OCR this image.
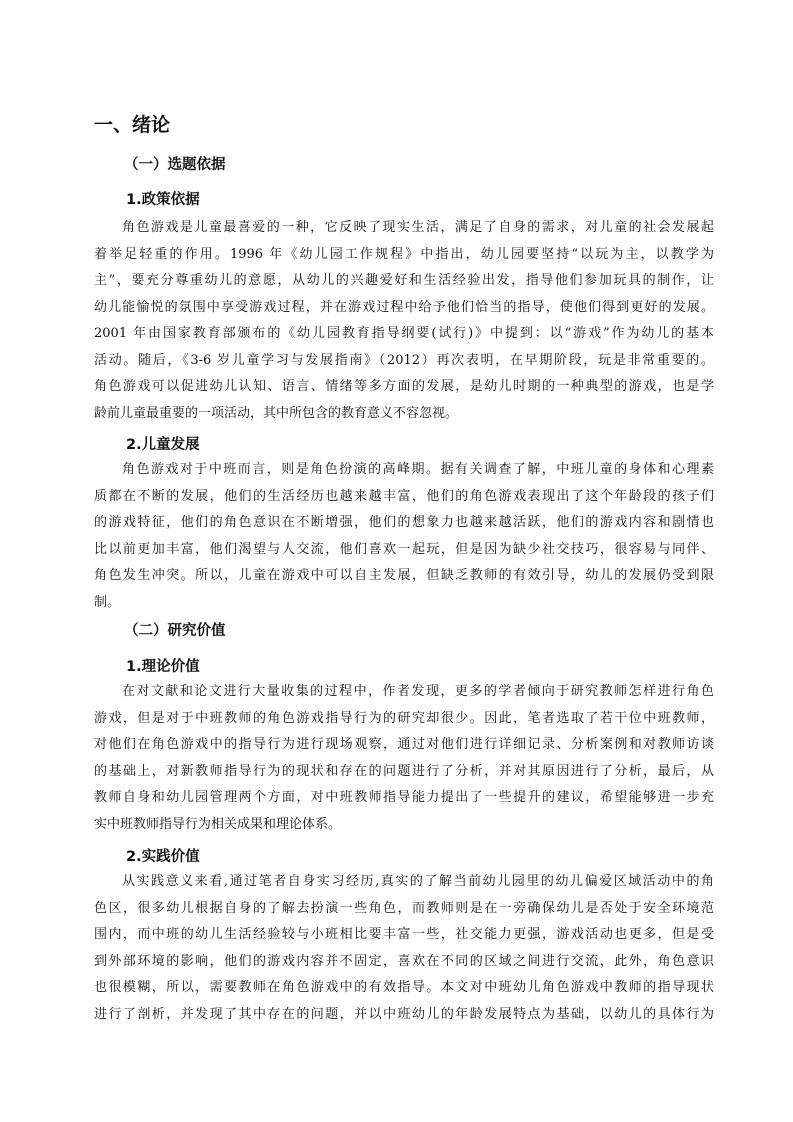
一、绪论
（一）选题依据
1.政策依据
角色游戏是儿童最喜爱的一种，它反映了现实生活，满足了自身的需求，对儿童的社会发展起
着举足轻重的作用。1996 年《幼儿园工作规程》中指出，幼儿园要坚持“以玩为主，以教学为
主”，要充分尊重幼儿的意愿，从幼儿的兴趣爱好和生活经验出发，指导他们参加玩具的制作，让
幼儿能愉悦的氛围中享受游戏过程，并在游戏过程中给予他们恰当的指导，使他们得到更好的发展。
2001 年由国家教育部颁布的《幼儿园教育指导纲要(试行)》中提到：以“游戏”作为幼儿的基本
活动。随后，《3-6 岁儿童学习与发展指南》（2012）再次表明，在早期阶段，玩是非常重要的。
角色游戏可以促进幼儿认知、语言、情绪等多方面的发展，是幼儿时期的一种典型的游戏，也是学
龄前儿童最重要的一项活动，其中所包含的教育意义不容忽视。
2.儿童发展
角色游戏对于中班而言，则是角色扮演的高峰期。据有关调查了解，中班儿童的身体和心理素
质都在不断的发展，他们的生活经历也越来越丰富，他们的角色游戏表现出了这个年龄段的孩子们
的游戏特征，他们的角色意识在不断增强，他们的想象力也越来越活跃，他们的游戏内容和剧情也
比以前更加丰富，他们渴望与人交流，他们喜欢一起玩，但是因为缺少社交技巧，很容易与同伴、
角色发生冲突。所以，儿童在游戏中可以自主发展，但缺乏教师的有效引导，幼儿的发展仍受到限
制。
（二）研究价值
1.理论价值
在对文献和论文进行大量收集的过程中，作者发现，更多的学者倾向于研究教师怎样进行角色
游戏，但是对于中班教师的角色游戏指导行为的研究却很少。因此，笔者选取了若干位中班教师，
对他们在角色游戏中的指导行为进行现场观察，通过对他们进行详细记录、分析案例和对教师访谈
的基础上，对新教师指导行为的现状和存在的问题进行了分析，并对其原因进行了分析，最后，从
教师自身和幼儿园管理两个方面，对中班教师指导能力提出了一些提升的建议，希望能够进一步充
实中班教师指导行为相关成果和理论体系。
2.实践价值
从实践意义来看,通过笔者自身实习经历,真实的了解当前幼儿园里的幼儿偏爱区域活动中的角
色区，很多幼儿根据自身的了解去扮演一些角色，而教师则是在一旁确保幼儿是否处于安全环境范
围内，而中班的幼儿生活经验较与小班相比要丰富一些，社交能力更强，游戏活动也更多，但是受
到外部环境的影响，他们的游戏内容并不固定，喜欢在不同的区域之间进行交流，此外，角色意识
也很模糊，所以，需要教师在角色游戏中的有效指导。本文对中班幼儿角色游戏中教师的指导现状
进行了剖析，并发现了其中存在的问题，并以中班幼儿的年龄发展特点为基础，以幼儿的具体行为
